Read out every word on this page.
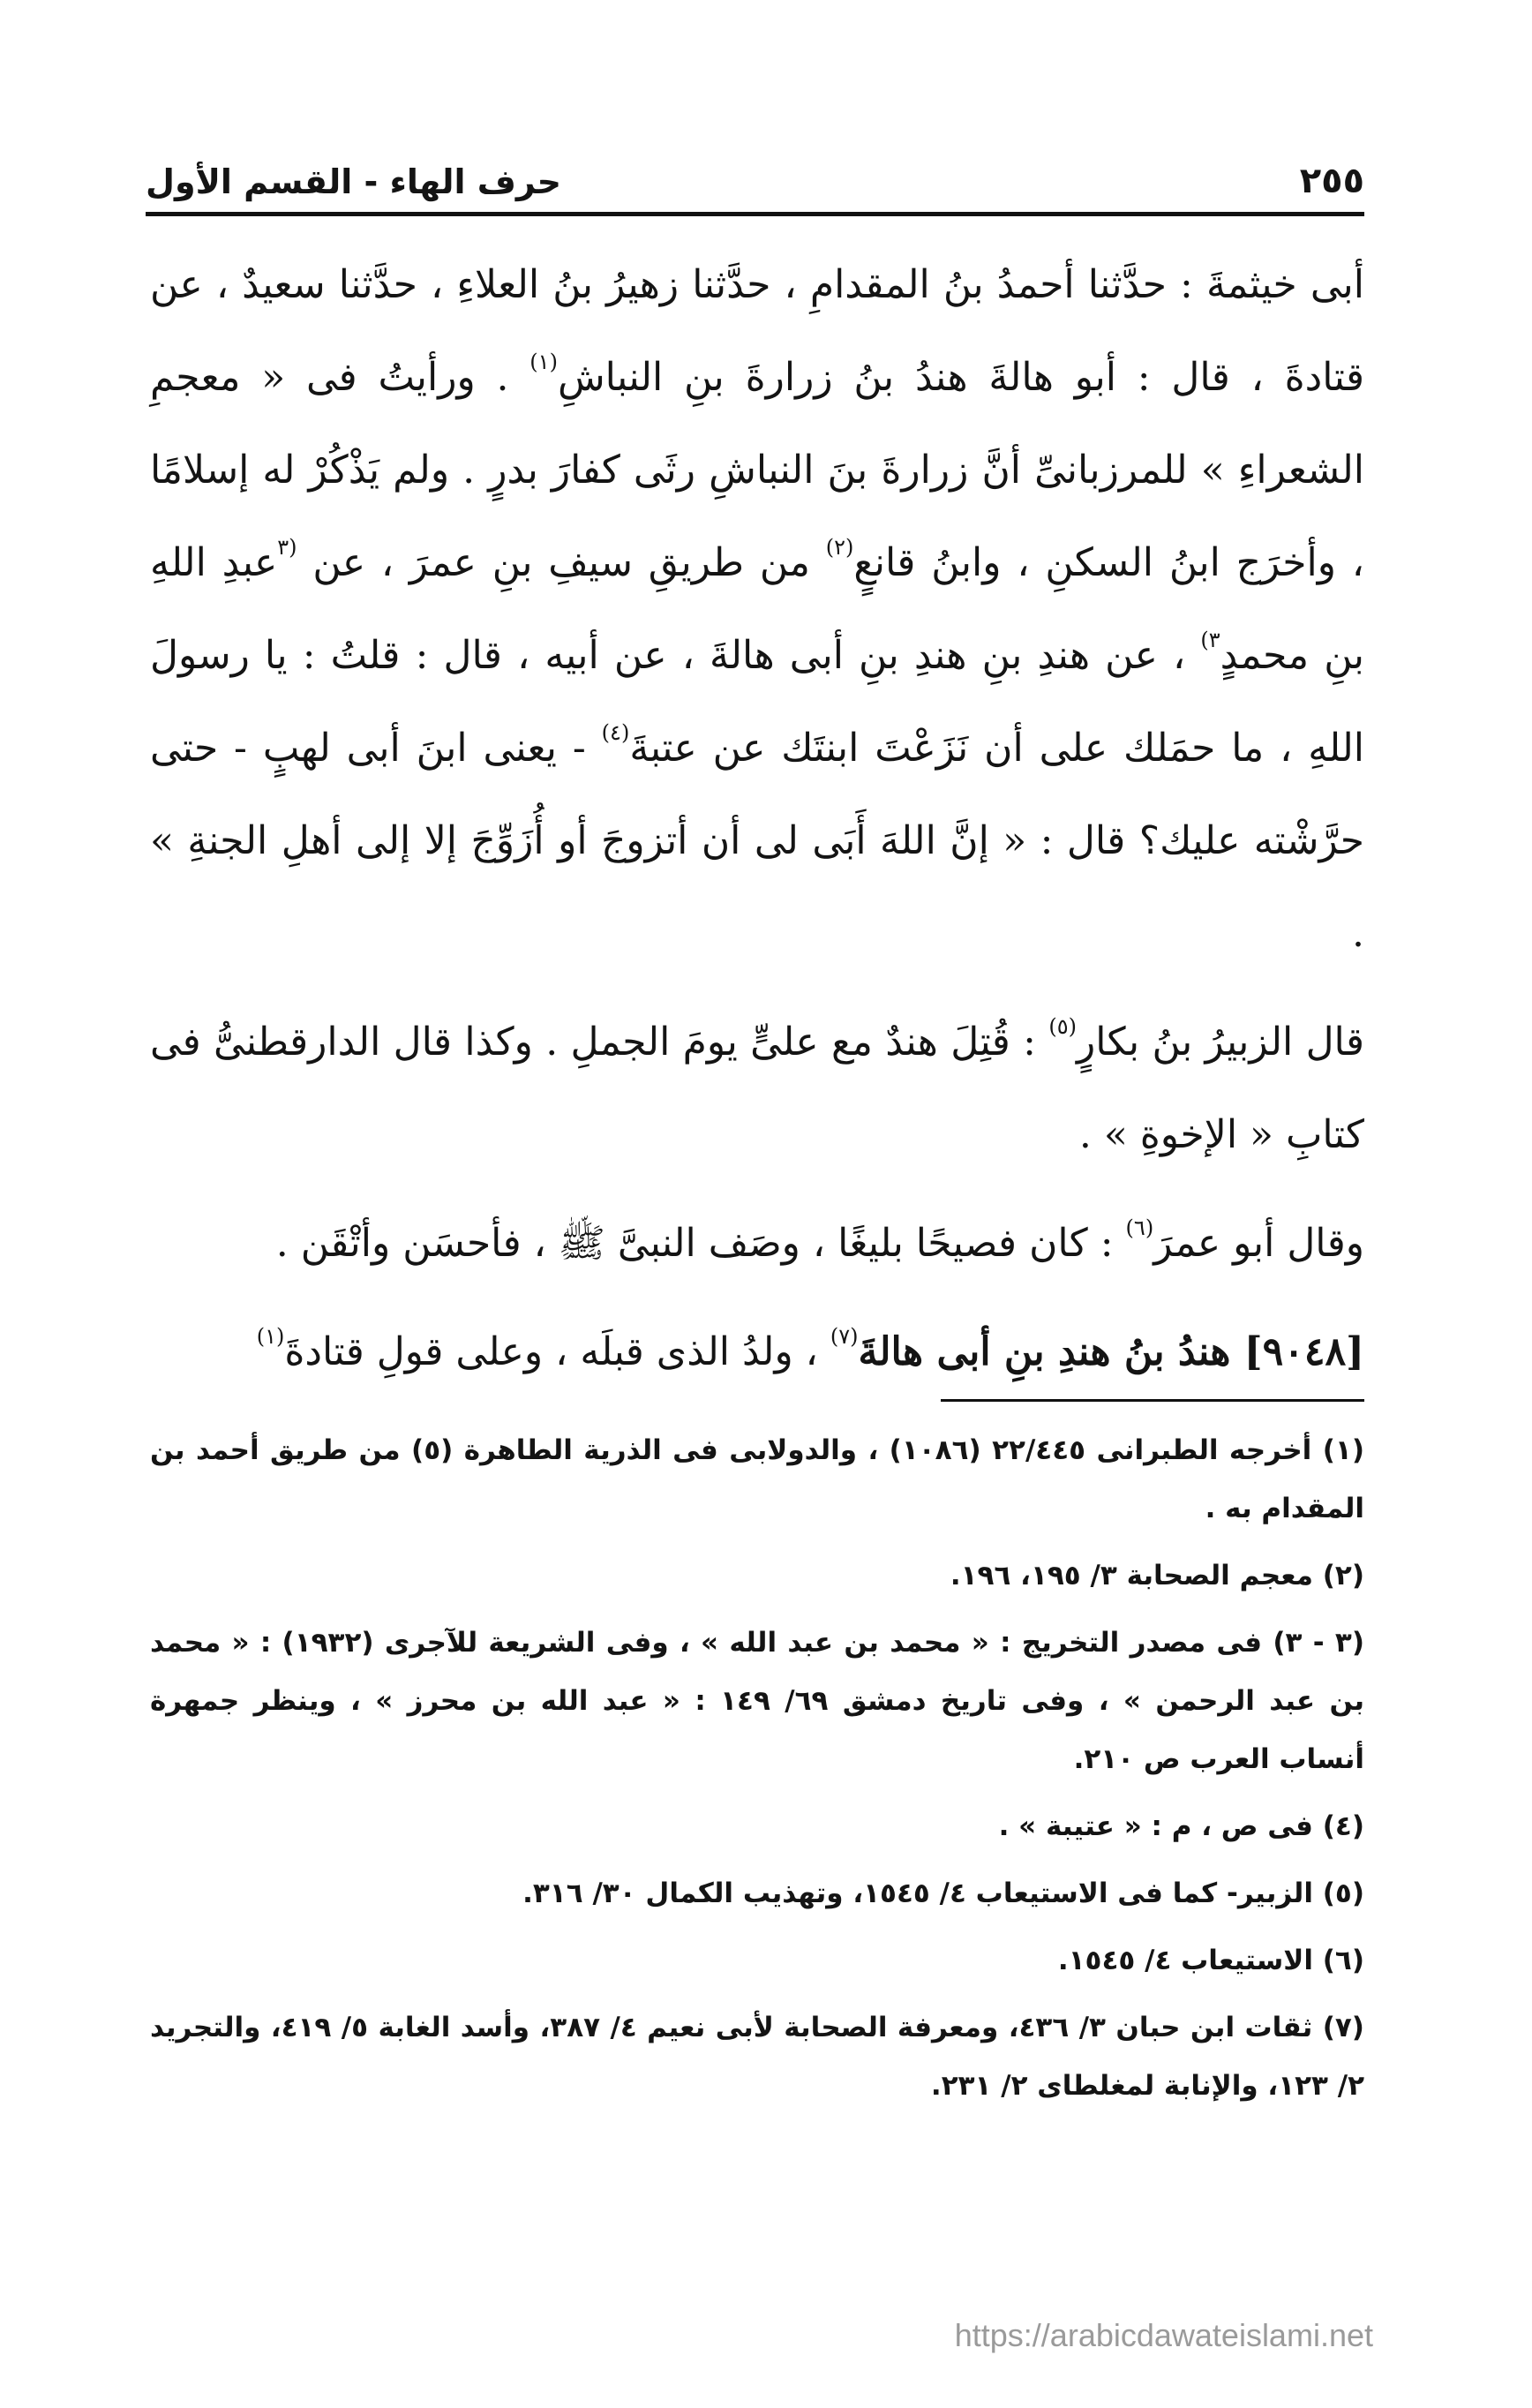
حرف الهاء - القسم الأول	٢٥٥

أبى خيثمةَ : حدَّثنا أحمدُ بنُ المقدامِ ، حدَّثنا زهيرُ بنُ العلاءِ ، حدَّثنا سعيدٌ ، عن قتادةَ ، قال : أبو هالةَ هندُ بنُ زرارةَ بنِ النباشِ$^{(١)}$ . ورأيتُ فى « معجمِ الشعراءِ » للمرزبانىِّ أنَّ زرارةَ بنَ النباشِ رثَى كفارَ بدرٍ . ولم يَذْكُرْ له إسلامًا ، وأخرَج ابنُ السكنِ ، وابنُ قانعٍ$^{(٢)}$ من طريقِ سيفِ بنِ عمرَ ، عن $^{(٣}$عبدِ اللهِ بنِ محمدٍ$^{٣)}$ ، عن هندِ بنِ هندِ بنِ أبى هالةَ ، عن أبيه ، قال : قلتُ : يا رسولَ اللهِ ، ما حمَلك على أن نَزَعْتَ ابنتَك عن عتبةَ$^{(٤)}$ - يعنى ابنَ أبى لهبٍ - حتى حرَّشْته عليك؟ قال : « إنَّ اللهَ أَبَى لى أن أتزوجَ أو أُزَوِّجَ إلا إلى أهلِ الجنةِ » .

قال الزبيرُ بنُ بكارٍ$^{(٥)}$ : قُتِلَ هندٌ مع علىٍّ يومَ الجملِ . وكذا قال الدارقطنىُّ فى كتابِ « الإخوةِ » .

وقال أبو عمرَ$^{(٦)}$ : كان فصيحًا بليغًا ، وصَف النبىَّ ﷺ ، فأحسَن وأتْقَن .

[٩٠٤٨] هندُ بنُ هندِ بنِ أبى هالةَ$^{(٧)}$ ، ولدُ الذى قبلَه ، وعلى قولِ قتادةَ$^{(١)}$

(١) أخرجه الطبرانى ٢٢/٤٤٥ (١٠٨٦) ، والدولابى فى الذرية الطاهرة (٥) من طريق أحمد بن المقدام به .
(٢) معجم الصحابة ٣/ ١٩٥، ١٩٦.
(٣ - ٣) فى مصدر التخريج : « محمد بن عبد الله » ، وفى الشريعة للآجرى (١٩٣٢) : « محمد بن عبد الرحمن » ، وفى تاريخ دمشق ٦٩/ ١٤٩ : « عبد الله بن محرز » ، وينظر جمهرة أنساب العرب ص ٢١٠.
(٤) فى ص ، م : « عتيبة » .
(٥) الزبير- كما فى الاستيعاب ٤/ ١٥٤٥، وتهذيب الكمال ٣٠/ ٣١٦.
(٦) الاستيعاب ٤/ ١٥٤٥.
(٧) ثقات ابن حبان ٣/ ٤٣٦، ومعرفة الصحابة لأبى نعيم ٤/ ٣٨٧، وأسد الغابة ٥/ ٤١٩، والتجريد ٢/ ١٢٣، والإنابة لمغلطاى ٢/ ٢٣١.
https://arabicdawateislami.net
